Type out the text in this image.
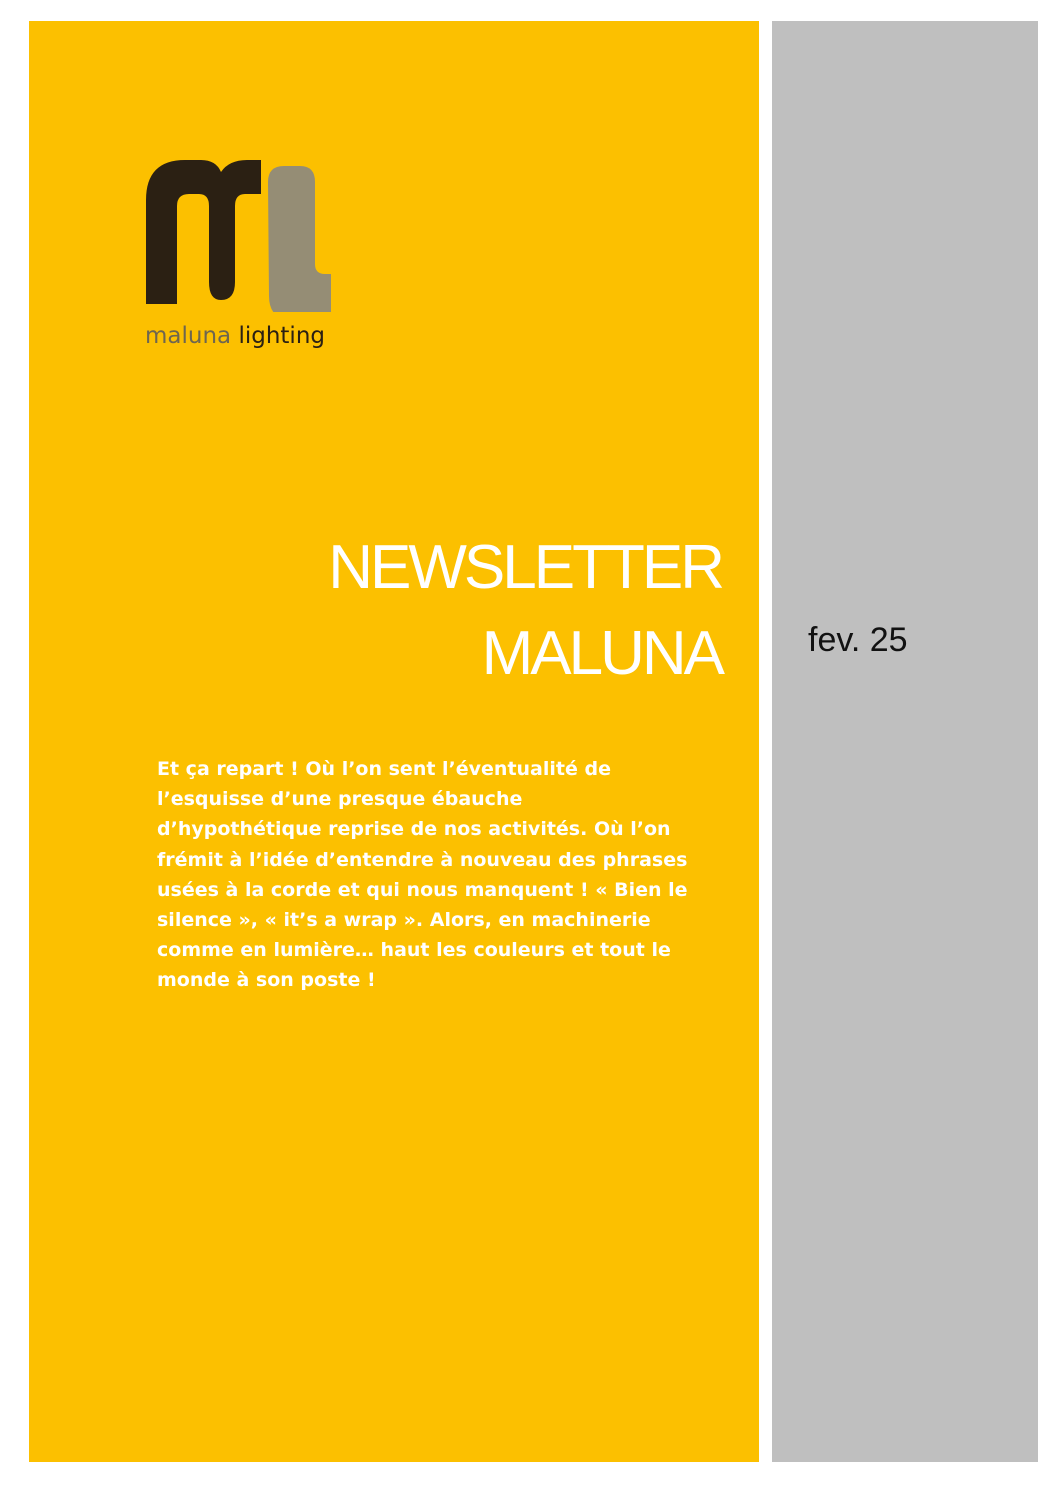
maluna lighting
NEWSLETTER
MALUNA	fev. 25
Et ça repart ! Où l’on sent l’éventualité de
l’esquisse d’une presque ébauche
d’hypothétique reprise de nos activités. Où l’on
frémit à l’idée d’entendre à nouveau des phrases
usées à la corde et qui nous manquent ! « Bien le
silence », « it’s a wrap ». Alors, en machinerie
comme en lumière… haut les couleurs et tout le
monde à son poste !
